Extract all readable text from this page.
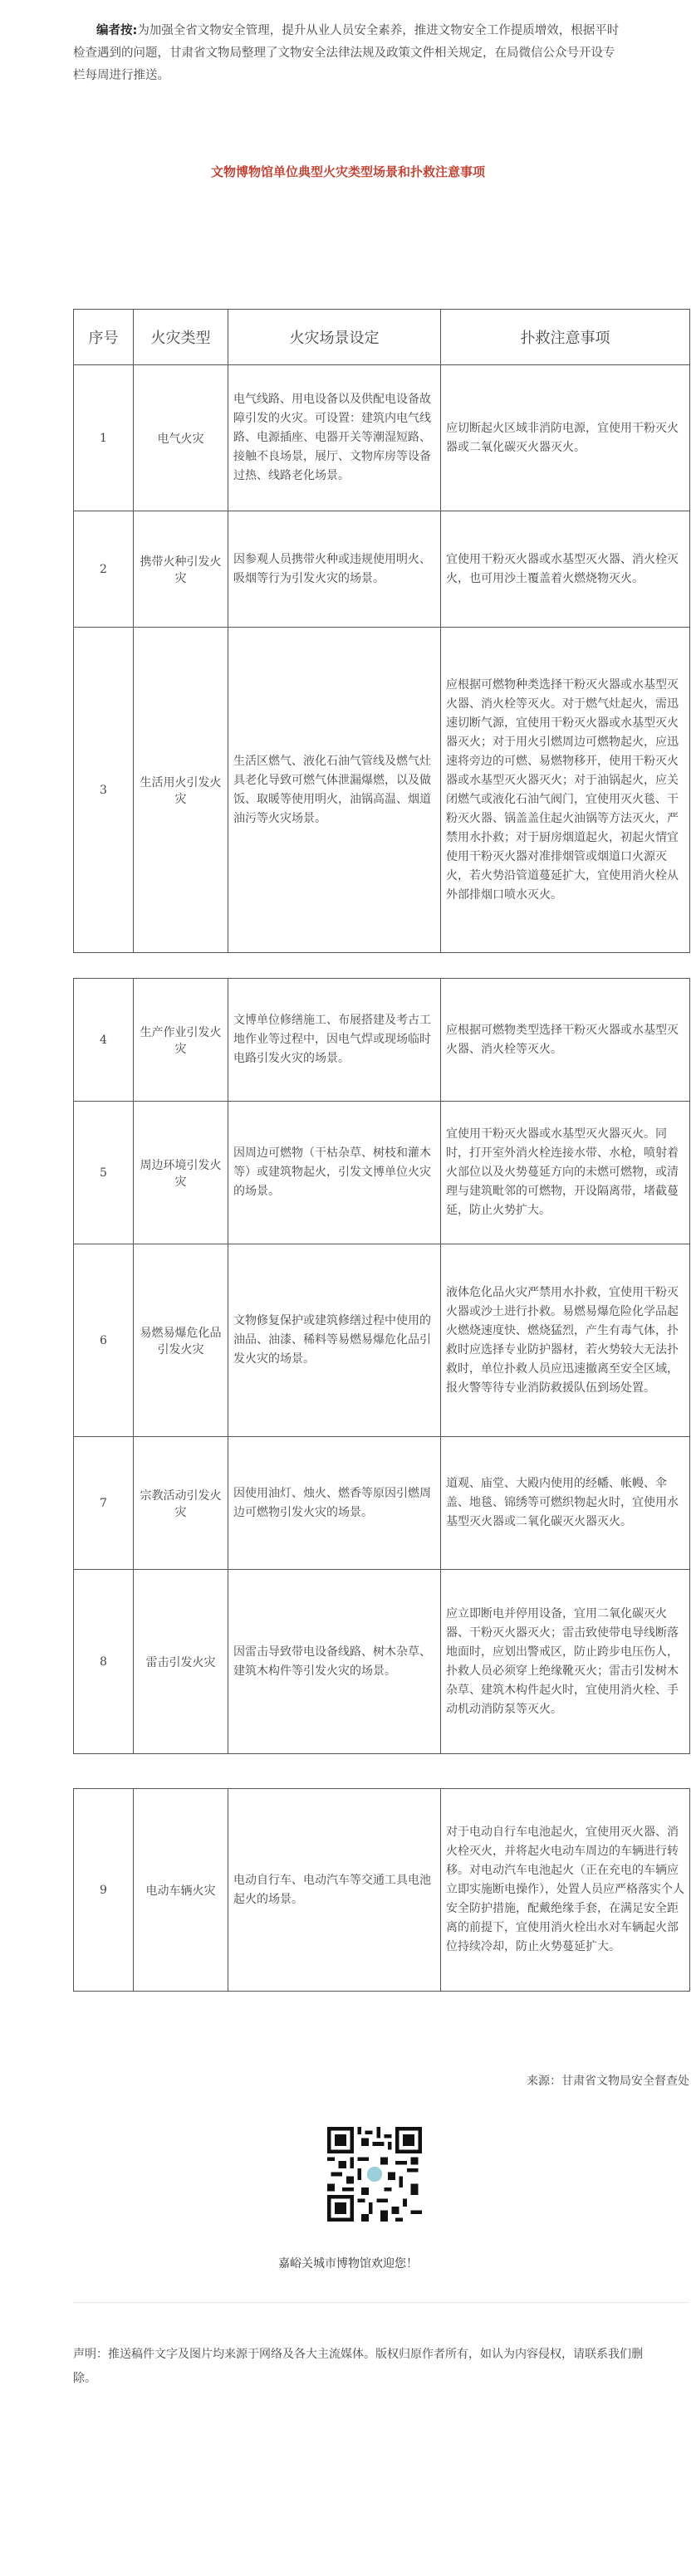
编者按:为加强全省文物安全管理，提升从业人员安全素养，推进文物安全工作提质增效，根据平时检查遇到的问题，甘肃省文物局整理了文物安全法律法规及政策文件相关规定，在局微信公众号开设专栏每周进行推送。
文物博物馆单位典型火灾类型场景和扑救注意事项
序号	火灾类型	火灾场景设定	扑救注意事项
1	电气火灾	电气线路、用电设备以及供配电设备故障引发的火灾。可设置：建筑内电气线路、电源插座、电器开关等潮湿短路、接触不良场景，展厅、文物库房等设备过热、线路老化场景。	应切断起火区域非消防电源，宜使用干粉灭火器或二氧化碳灭火器灭火。
2	携带火种引发火灾	因参观人员携带火种或违规使用明火、吸烟等行为引发火灾的场景。	宜使用干粉灭火器或水基型灭火器、消火栓灭火，也可用沙土覆盖着火燃烧物灭火。
3	生活用火引发火灾	生活区燃气、液化石油气管线及燃气灶具老化导致可燃气体泄漏爆燃，以及做饭、取暖等使用明火，油锅高温、烟道油污等火灾场景。	应根据可燃物种类选择干粉灭火器或水基型灭火器、消火栓等灭火。对于燃气灶起火，需迅速切断气源，宜使用干粉灭火器或水基型灭火器灭火；对于用火引燃周边可燃物起火，应迅速将旁边的可燃、易燃物移开，使用干粉灭火器或水基型灭火器灭火；对于油锅起火，应关闭燃气或液化石油气阀门，宜使用灭火毯、干粉灭火器、锅盖盖住起火油锅等方法灭火，严禁用水扑救；对于厨房烟道起火，初起火情宜使用干粉灭火器对准排烟管或烟道口火源灭火，若火势沿管道蔓延扩大，宜使用消火栓从外部排烟口喷水灭火。
4	生产作业引发火灾	文博单位修缮施工、布展搭建及考古工地作业等过程中，因电气焊或现场临时电路引发火灾的场景。	应根据可燃物类型选择干粉灭火器或水基型灭火器、消火栓等灭火。
5	周边环境引发火灾	因周边可燃物（干枯杂草、树枝和灌木等）或建筑物起火，引发文博单位火灾的场景。	宜使用干粉灭火器或水基型灭火器灭火。同时，打开室外消火栓连接水带、水枪，喷射着火部位以及火势蔓延方向的未燃可燃物，或清理与建筑毗邻的可燃物，开设隔离带，堵截蔓延，防止火势扩大。
6	易燃易爆危化品引发火灾	文物修复保护或建筑修缮过程中使用的油品、油漆、稀料等易燃易爆危化品引发火灾的场景。	液体危化品火灾严禁用水扑救，宜使用干粉灭火器或沙土进行扑救。易燃易爆危险化学品起火燃烧速度快、燃烧猛烈，产生有毒气体，扑救时应选择专业防护器材，若火势较大无法扑救时，单位扑救人员应迅速撤离至安全区域，报火警等待专业消防救援队伍到场处置。
7	宗教活动引发火灾	因使用油灯、烛火、燃香等原因引燃周边可燃物引发火灾的场景。	道观、庙堂、大殿内使用的经幡、帐幔、伞盖、地毯、锦绣等可燃织物起火时，宜使用水基型灭火器或二氧化碳灭火器灭火。
8	雷击引发火灾	因雷击导致带电设备线路、树木杂草、建筑木构件等引发火灾的场景。	应立即断电并停用设备，宜用二氧化碳灭火器、干粉灭火器灭火；雷击致使带电导线断落地面时，应划出警戒区，防止跨步电压伤人，扑救人员必须穿上绝缘靴灭火；雷击引发树木杂草、建筑木构件起火时，宜使用消火栓、手动机动消防泵等灭火。
9	电动车辆火灾	电动自行车、电动汽车等交通工具电池起火的场景。	对于电动自行车电池起火，宜使用灭火器、消火栓灭火，并将起火电动车周边的车辆进行转移。对电动汽车电池起火（正在充电的车辆应立即实施断电操作），处置人员应严格落实个人安全防护措施，配戴绝缘手套，在满足安全距离的前提下，宜使用消火栓出水对车辆起火部位持续冷却，防止火势蔓延扩大。
来源：甘肃省文物局安全督查处
嘉峪关城市博物馆欢迎您！
声明：推送稿件文字及图片均来源于网络及各大主流媒体。版权归原作者所有，如认为内容侵权，请联系我们删除。
